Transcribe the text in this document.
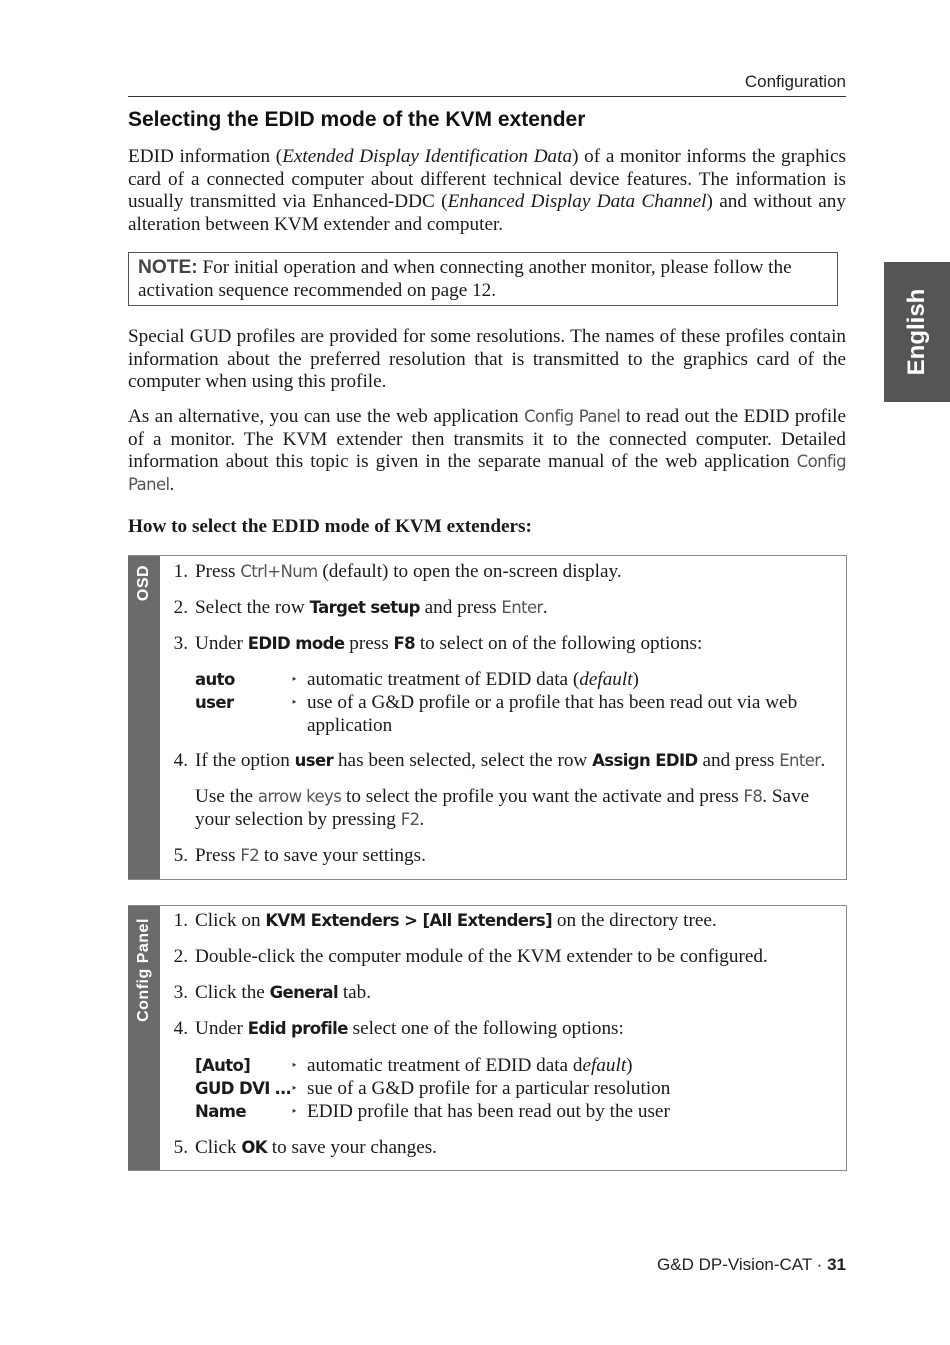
Configuration
English
Selecting the EDID mode of the KVM extender

EDID information (Extended Display Identification Data) of a monitor informs the graphics card of a connected computer about different technical device features. The information is usually transmitted via Enhanced-DDC (Enhanced Display Data Channel) and without any alteration between KVM extender and computer.

NOTE: For initial operation and when connecting another monitor, please follow the activation sequence recommended on page 12.

Special GUD profiles are provided for some resolutions. The names of these profiles contain information about the preferred resolution that is transmitted to the graphics card of the computer when using this profile.

As an alternative, you can use the web application Config Panel to read out the EDID profile of a monitor. The KVM extender then transmits it to the connected computer. Detailed information about this topic is given in the separate manual of the web application Config Panel.

How to select the EDID mode of KVM extenders:
OSD 1. Press Ctrl+Num (default) to open the on-screen display.
2. Select the row Target setup and press Enter.
3. Under EDID mode press F8 to select on of the following options:
auto	‣ automatic treatment of EDID data (default)
user	‣ use of a G&D profile or a profile that has been read out via web application
4. If the option user has been selected, select the row Assign EDID and press Enter.
Use the arrow keys to select the profile you want the activate and press F8. Save your selection by pressing F2.
5. Press F2 to save your settings.
Config Panel 1. Click on KVM Extenders > [All Extenders] on the directory tree.
2. Double-click the computer module of the KVM extender to be configured.
3. Click the General tab.
4. Under Edid profile select one of the following options:
[Auto]	‣ automatic treatment of EDID data default)
GUD DVI … ‣ sue of a G&D profile for a particular resolution
Name	‣ EDID profile that has been read out by the user
5. Click OK to save your changes.
G&D DP-Vision-CAT · 31
